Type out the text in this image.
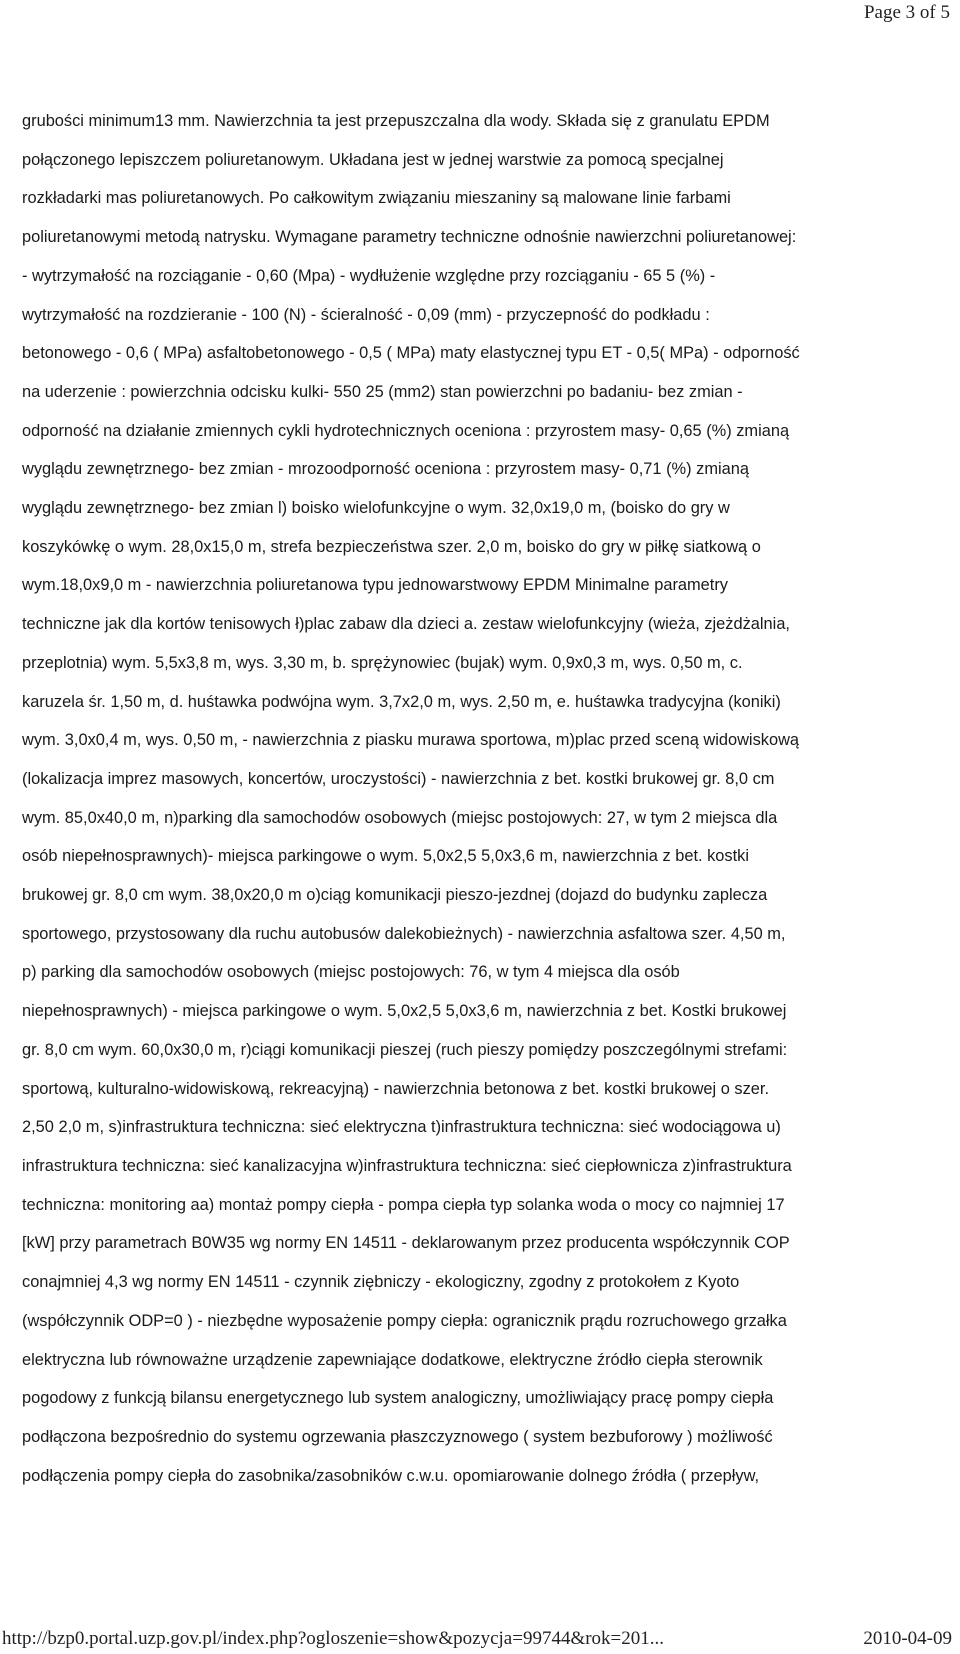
Page 3 of 5
grubości minimum13 mm. Nawierzchnia ta jest przepuszczalna dla wody. Składa się z granulatu EPDM
połączonego lepiszczem poliuretanowym. Układana jest w jednej warstwie za pomocą specjalnej
rozkładarki mas poliuretanowych. Po całkowitym związaniu mieszaniny są malowane linie farbami
poliuretanowymi metodą natrysku. Wymagane parametry techniczne odnośnie nawierzchni poliuretanowej:
- wytrzymałość na rozciąganie - 0,60 (Mpa) - wydłużenie względne przy rozciąganiu - 65 5 (%) -
wytrzymałość na rozdzieranie - 100 (N) - ścieralność - 0,09 (mm) - przyczepność do podkładu :
betonowego - 0,6 ( MPa) asfaltobetonowego - 0,5 ( MPa) maty elastycznej typu ET - 0,5( MPa) - odporność
na uderzenie : powierzchnia odcisku kulki- 550 25 (mm2) stan powierzchni po badaniu- bez zmian -
odporność na działanie zmiennych cykli hydrotechnicznych oceniona : przyrostem masy- 0,65 (%) zmianą
wyglądu zewnętrznego- bez zmian - mrozoodporność oceniona : przyrostem masy- 0,71 (%) zmianą
wyglądu zewnętrznego- bez zmian l) boisko wielofunkcyjne o wym. 32,0x19,0 m, (boisko do gry w
koszykówkę o wym. 28,0x15,0 m, strefa bezpieczeństwa szer. 2,0 m, boisko do gry w piłkę siatkową o
wym.18,0x9,0 m - nawierzchnia poliuretanowa typu jednowarstwowy EPDM Minimalne parametry
techniczne jak dla kortów tenisowych ł)plac zabaw dla dzieci a. zestaw wielofunkcyjny (wieża, zjeżdżalnia,
przeplotnia) wym. 5,5x3,8 m, wys. 3,30 m, b. sprężynowiec (bujak) wym. 0,9x0,3 m, wys. 0,50 m, c.
karuzela śr. 1,50 m, d. huśtawka podwójna wym. 3,7x2,0 m, wys. 2,50 m, e. huśtawka tradycyjna (koniki)
wym. 3,0x0,4 m, wys. 0,50 m, - nawierzchnia z piasku murawa sportowa, m)plac przed sceną widowiskową
(lokalizacja imprez masowych, koncertów, uroczystości) - nawierzchnia z bet. kostki brukowej gr. 8,0 cm
wym. 85,0x40,0 m, n)parking dla samochodów osobowych (miejsc postojowych: 27, w tym 2 miejsca dla
osób niepełnosprawnych)- miejsca parkingowe o wym. 5,0x2,5 5,0x3,6 m, nawierzchnia z bet. kostki
brukowej gr. 8,0 cm wym. 38,0x20,0 m o)ciąg komunikacji pieszo-jezdnej (dojazd do budynku zaplecza
sportowego, przystosowany dla ruchu autobusów dalekobieżnych) - nawierzchnia asfaltowa szer. 4,50 m,
p) parking dla samochodów osobowych (miejsc postojowych: 76, w tym 4 miejsca dla osób
niepełnosprawnych) - miejsca parkingowe o wym. 5,0x2,5 5,0x3,6 m, nawierzchnia z bet. Kostki brukowej
gr. 8,0 cm wym. 60,0x30,0 m, r)ciągi komunikacji pieszej (ruch pieszy pomiędzy poszczególnymi strefami:
sportową, kulturalno-widowiskową, rekreacyjną) - nawierzchnia betonowa z bet. kostki brukowej o szer.
2,50 2,0 m, s)infrastruktura techniczna: sieć elektryczna t)infrastruktura techniczna: sieć wodociągowa u)
infrastruktura techniczna: sieć kanalizacyjna w)infrastruktura techniczna: sieć ciepłownicza z)infrastruktura
techniczna: monitoring aa) montaż pompy ciepła - pompa ciepła typ solanka woda o mocy co najmniej 17
[kW] przy parametrach B0W35 wg normy EN 14511 - deklarowanym przez producenta współczynnik COP
conajmniej 4,3 wg normy EN 14511 - czynnik ziębniczy - ekologiczny, zgodny z protokołem z Kyoto
(współczynnik ODP=0 ) - niezbędne wyposażenie pompy ciepła: ogranicznik prądu rozruchowego grzałka
elektryczna lub równoważne urządzenie zapewniające dodatkowe, elektryczne źródło ciepła sterownik
pogodowy z funkcją bilansu energetycznego lub system analogiczny, umożliwiający pracę pompy ciepła
podłączona bezpośrednio do systemu ogrzewania płaszczyznowego ( system bezbuforowy ) możliwość
podłączenia pompy ciepła do zasobnika/zasobników c.w.u. opomiarowanie dolnego źródła ( przepływ,
http://bzp0.portal.uzp.gov.pl/index.php?ogloszenie=show&pozycja=99744&rok=201...	2010-04-09
